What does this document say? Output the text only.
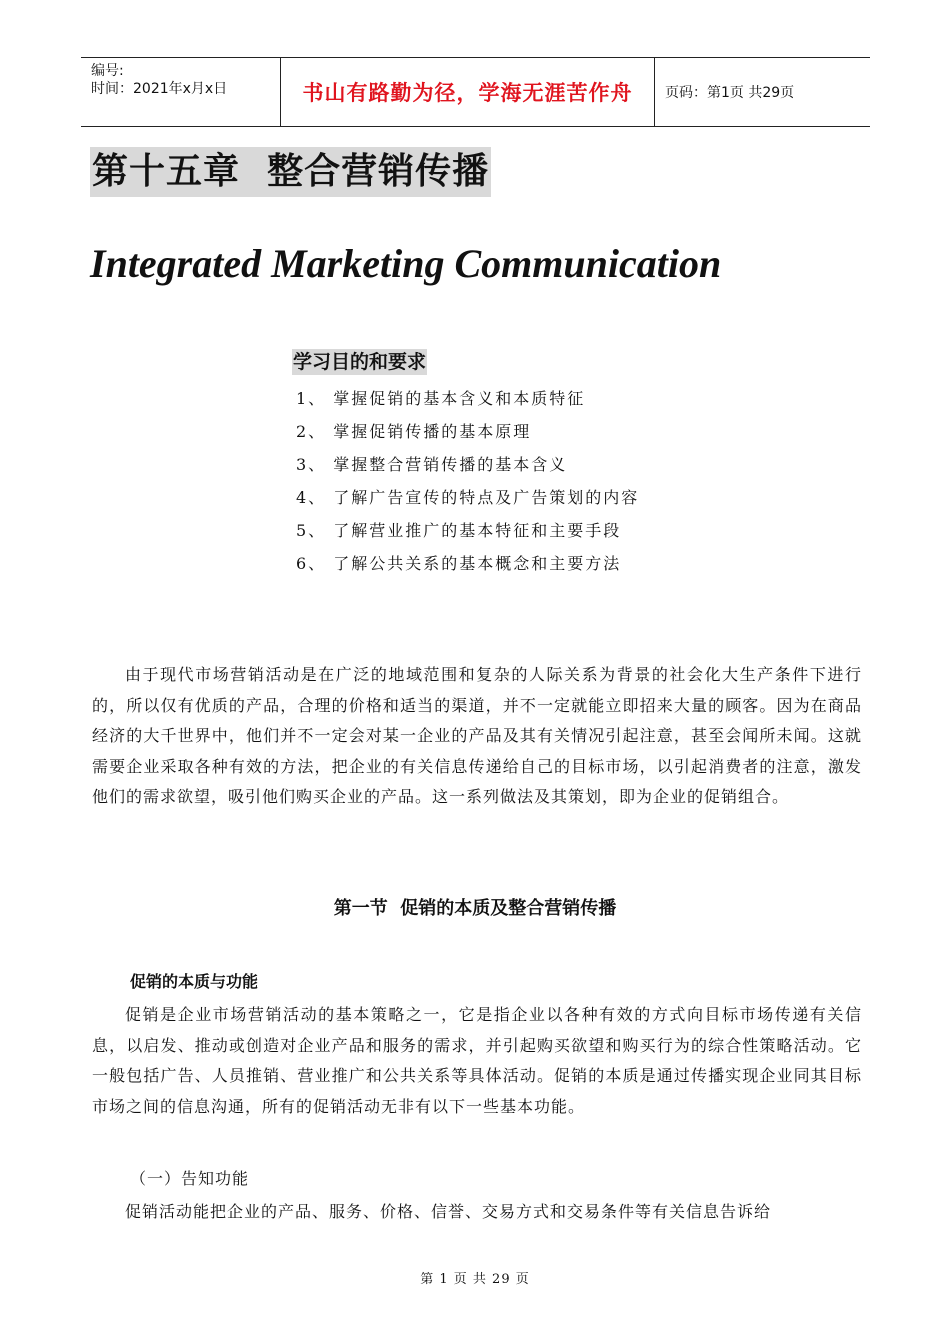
编号:
时间：2021年x月x日	书山有路勤为径，学海无涯苦作舟	页码：第1页 共29页
第十五章  整合营销传播
Integrated Marketing Communication
学习目的和要求
1、 掌握促销的基本含义和本质特征
2、 掌握促销传播的基本原理
3、 掌握整合营销传播的基本含义
4、 了解广告宣传的特点及广告策划的内容
5、 了解营业推广的基本特征和主要手段
6、 了解公共关系的基本概念和主要方法

由于现代市场营销活动是在广泛的地域范围和复杂的人际关系为背景的社会化大生产条件下进行的，所以仅有优质的产品，合理的价格和适当的渠道，并不一定就能立即招来大量的顾客。因为在商品经济的大千世界中，他们并不一定会对某一企业的产品及其有关情况引起注意，甚至会闻所未闻。这就需要企业采取各种有效的方法，把企业的有关信息传递给自己的目标市场，以引起消费者的注意，激发他们的需求欲望，吸引他们购买企业的产品。这一系列做法及其策划，即为企业的促销组合。

第一节  促销的本质及整合营销传播
促销的本质与功能

促销是企业市场营销活动的基本策略之一，它是指企业以各种有效的方式向目标市场传递有关信息，以启发、推动或创造对企业产品和服务的需求，并引起购买欲望和购买行为的综合性策略活动。它一般包括广告、人员推销、营业推广和公共关系等具体活动。促销的本质是通过传播实现企业同其目标市场之间的信息沟通，所有的促销活动无非有以下一些基本功能。

（一）告知功能

促销活动能把企业的产品、服务、价格、信誉、交易方式和交易条件等有关信息告诉给

第 1 页 共 29 页
